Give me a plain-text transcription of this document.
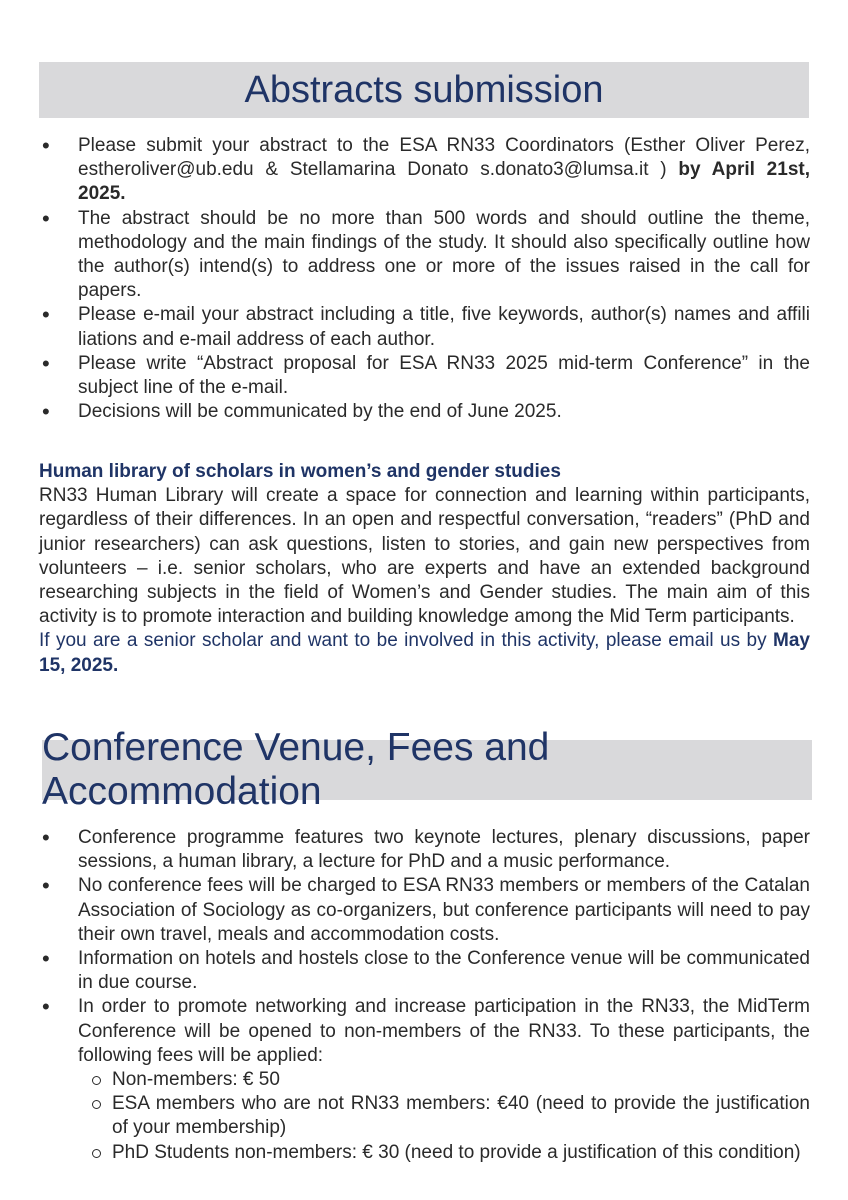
Abstracts submission
• Please submit your abstract to the ESA RN33 Coordinators (Esther Oliver Perez, estheroliver@ub.edu & Stellamarina Donato s.donato3@lumsa.it ) by April 21st, 2025.
• The abstract should be no more than 500 words and should outline the theme, methodology and the main findings of the study. It should also specifically outline how the author(s) intend(s) to address one or more of the issues raised in the call for papers.
• Please e-mail your abstract including a title, five keywords, author(s) names and affili liations and e-mail address of each author.
• Please write “Abstract proposal for ESA RN33 2025 mid-term Conference” in the subject line of the e-mail.
• Decisions will be communicated by the end of June 2025.
Human library of scholars in women’s and gender studies
RN33 Human Library will create a space for connection and learning within participants, regardless of their differences. In an open and respectful conversation, “readers” (PhD and junior researchers) can ask questions, listen to stories, and gain new perspectives from volunteers – i.e. senior scholars, who are experts and have an extended background researching subjects in the field of Women’s and Gender studies. The main aim of this activity is to promote interaction and building knowledge among the Mid Term participants.
If you are a senior scholar and want to be involved in this activity, please email us by May 15, 2025.
Conference Venue, Fees and Accommodation
• Conference programme features two keynote lectures, plenary discussions, paper sessions, a human library, a lecture for PhD and a music performance.
• No conference fees will be charged to ESA RN33 members or members of the Catalan Association of Sociology as co-organizers, but conference participants will need to pay their own travel, meals and accommodation costs.
• Information on hotels and hostels close to the Conference venue will be communicated in due course.
• In order to promote networking and increase participation in the RN33, the MidTerm Conference will be opened to non-members of the RN33. To these participants, the following fees will be applied:
Non-members: € 50
ESA members who are not RN33 members: €40 (need to provide the justification of your membership)
PhD Students non-members: € 30 (need to provide a justification of this condition)
